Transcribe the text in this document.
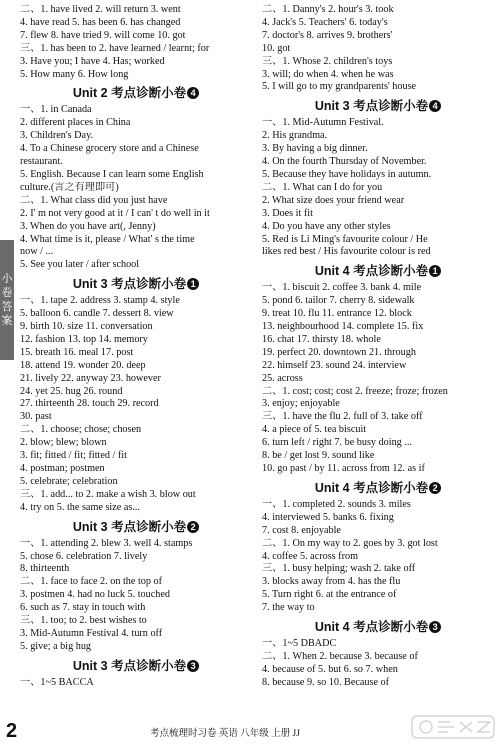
小
卷
答
案
二、1. have lived 2. will return 3. went
4. have read 5. has been 6. has changed
7. flew 8. have tried 9. will come 10. got
三、1. has been to 2. have learned / learnt; for
3. Have you; I have 4. Has; worked
5. How many 6. How long
Unit 2 考点诊断小卷 4
一、1. in Canada
2. different places in China
3. Children's Day.
4. To a Chinese grocery store and a Chinese
restaurant.
5. English. Because I can learn some English
culture.(言之有理即可)
二、1. What class did you just have
2. I' m not very good at it / I can' t do well in it
3. When do you have art(, Jenny)
4. What time is it, please / What' s the time
now / ...
5. See you later / after school
Unit 3 考点诊断小卷 1
一、1. tape 2. address 3. stamp 4. style
5. balloon 6. candle 7. dessert 8. view
9. birth 10. size 11. conversation
12. fashion 13. top 14. memory
15. breath 16. meal 17. post
18. attend 19. wonder 20. deep
21. lively 22. anyway 23. however
24. yet 25. hug 26. round
27. thirteenth 28. touch 29. record
30. past
二、1. choose; chose; chosen
2. blow; blew; blown
3. fit; fitted / fit; fitted / fit
4. postman; postmen
5. celebrate; celebration
三、1. add... to 2. make a wish 3. blow out
4. try on 5. the same size as...
Unit 3 考点诊断小卷 2
一、1. attending 2. blew 3. well 4. stamps
5. chose 6. celebration 7. lively
8. thirteenth
二、1. face to face 2. on the top of
3. postmen 4. had no luck 5. touched
6. such as 7. stay in touch with
三、1. too; to 2. best wishes to
3. Mid-Autumn Festival 4. turn off
5. give; a big hug
Unit 3 考点诊断小卷 3
一、1~5 BACCA
二、1. Danny's 2. hour's 3. took
4. Jack's 5. Teachers' 6. today's
7. doctor's 8. arrives 9. brothers'
10. got
三、1. Whose 2. children's toys
3. will; do when 4. when he was
5. I will go to my grandparents' house
Unit 3 考点诊断小卷 4
一、1. Mid-Autumn Festival.
2. His grandma.
3. By having a big dinner.
4. On the fourth Thursday of November.
5. Because they have holidays in autumn.
二、1. What can I do for you
2. What size does your friend wear
3. Does it fit
4. Do you have any other styles
5. Red is Li Ming's favourite colour / He
likes red best / His favourite colour is red
Unit 4 考点诊断小卷 1
一、1. biscuit 2. coffee 3. bank 4. mile
5. pond 6. tailor 7. cherry 8. sidewalk
9. treat 10. flu 11. entrance 12. block
13. neighbourhood 14. complete 15. fix
16. chat 17. thirsty 18. whole
19. perfect 20. downtown 21. through
22. himself 23. sound 24. interview
25. across
二、1. cost; cost; cost 2. freeze; froze; frozen
3. enjoy; enjoyable
三、1. have the flu 2. full of 3. take off
4. a piece of 5. tea biscuit
6. turn left / right 7. be busy doing ...
8. be / get lost 9. sound like
10. go past / by 11. across from 12. as if
Unit 4 考点诊断小卷 2
一、1. completed 2. sounds 3. miles
4. interviewed 5. banks 6. fixing
7. cost 8. enjoyable
二、1. On my way to 2. goes by 3. got lost
4. coffee 5. across from
三、1. busy helping; wash 2. take off
3. blocks away from 4. has the flu
5. Turn right 6. at the entrance of
7. the way to
Unit 4 考点诊断小卷 3
一、1~5 DBADC
二、1. When 2. because 3. because of
4. because of 5. but 6. so 7. when
8. because 9. so 10. Because of
2	考点梳理时习卷 英语 八年级 上册 JJ
